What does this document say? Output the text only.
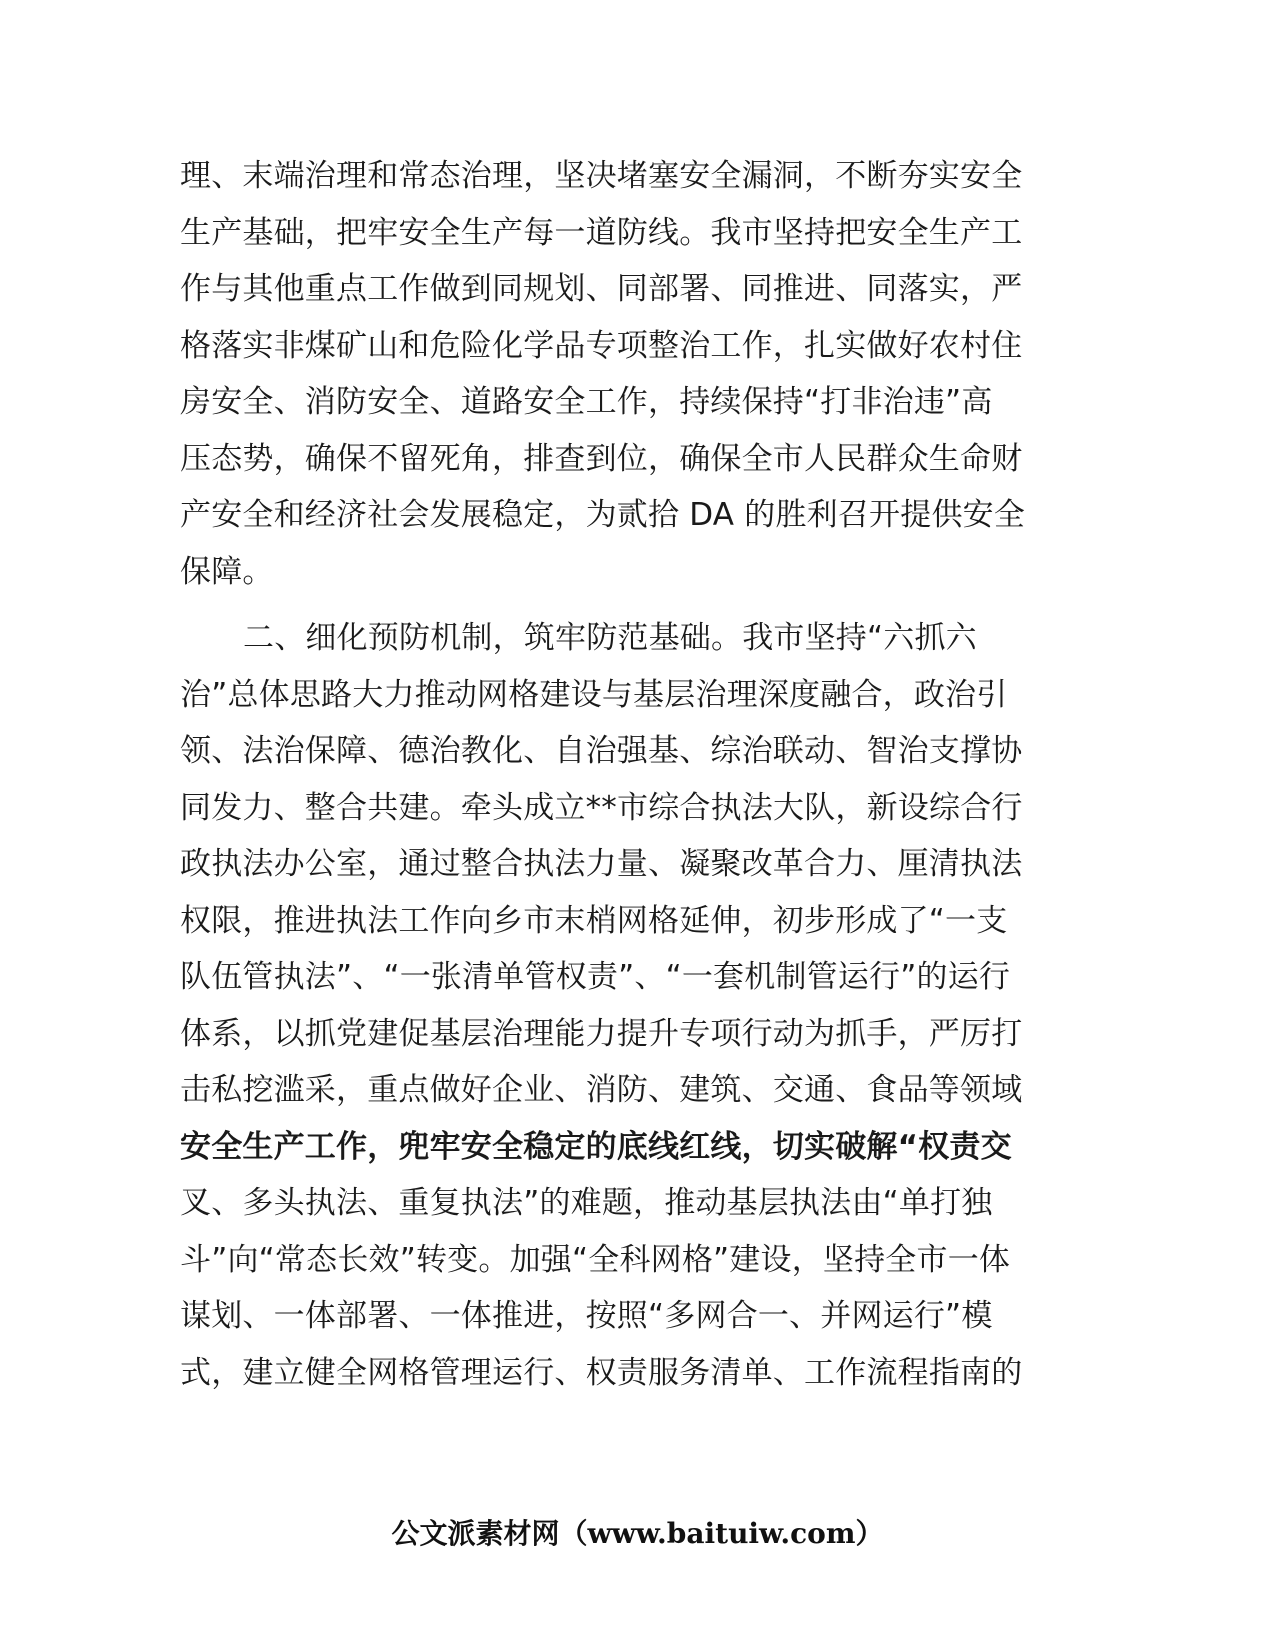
理、末端治理和常态治理，坚决堵塞安全漏洞，不断夯实安全
生产基础，把牢安全生产每一道防线。我市坚持把安全生产工
作与其他重点工作做到同规划、同部署、同推进、同落实，严
格落实非煤矿山和危险化学品专项整治工作，扎实做好农村住
房安全、消防安全、道路安全工作，持续保持“打非治违”高
压态势，确保不留死角，排查到位，确保全市人民群众生命财
产安全和经济社会发展稳定，为贰拾 DA 的胜利召开提供安全
保障。
二、细化预防机制，筑牢防范基础。我市坚持“六抓六
治”总体思路大力推动网格建设与基层治理深度融合，政治引
领、法治保障、德治教化、自治强基、综治联动、智治支撑协
同发力、整合共建。牵头成立**市综合执法大队，新设综合行
政执法办公室，通过整合执法力量、凝聚改革合力、厘清执法
权限，推进执法工作向乡市末梢网格延伸，初步形成了“一支
队伍管执法”、“一张清单管权责”、“一套机制管运行”的运行
体系，以抓党建促基层治理能力提升专项行动为抓手，严厉打
击私挖滥采，重点做好企业、消防、建筑、交通、食品等领域
安全生产工作，兜牢安全稳定的底线红线，切实破解“权责交
叉、多头执法、重复执法”的难题，推动基层执法由“单打独
斗”向“常态长效”转变。加强“全科网格”建设，坚持全市一体
谋划、一体部署、一体推进，按照“多网合一、并网运行”模
式，建立健全网格管理运行、权责服务清单、工作流程指南的
公文派素材网（www.baituiw.com）
